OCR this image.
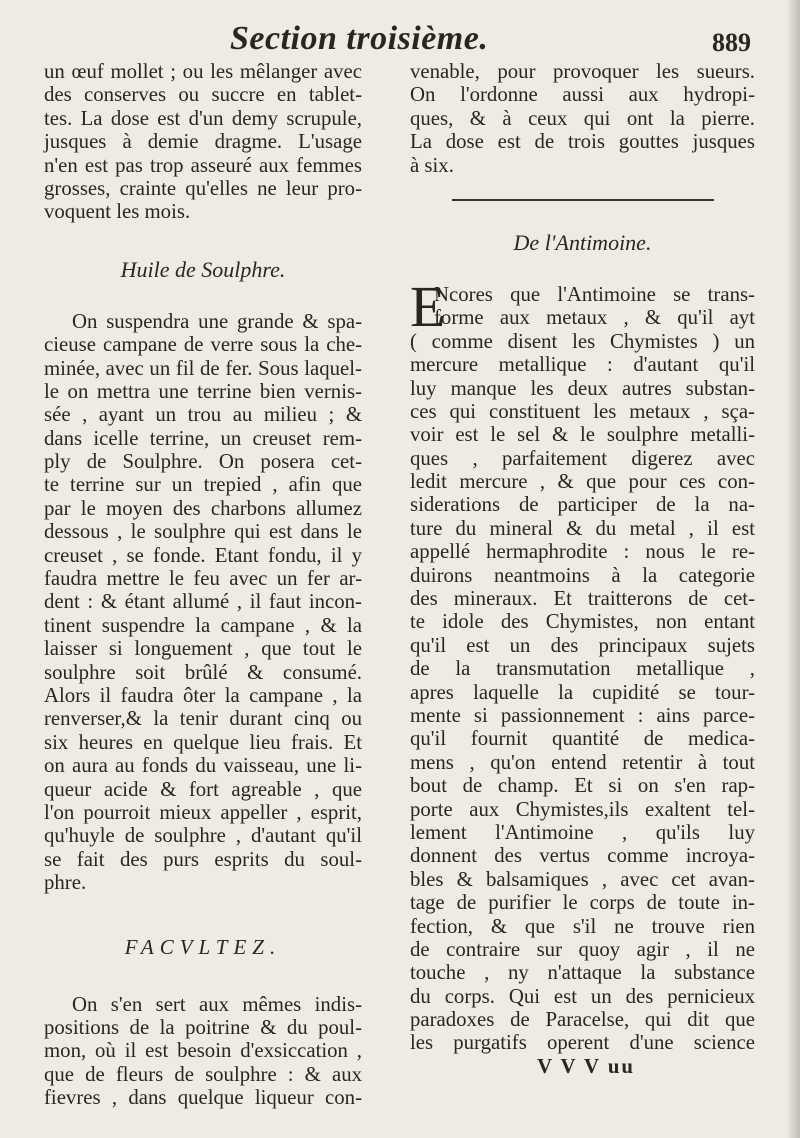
Section troisième.	889
un œuf mollet ; ou les mêlanger avec
des conserves ou succre en tablet-
tes. La dose est d'un demy scrupule,
jusques à demie dragme. L'usage
n'en est pas trop asseuré aux femmes
grosses, crainte qu'elles ne leur pro-
voquent les mois.
Huile de Soulphre.
On suspendra une grande & spa-
cieuse campane de verre sous la che-
minée, avec un fil de fer. Sous laquel-
le on mettra une terrine bien vernis-
sée , ayant un trou au milieu ; &
dans icelle terrine, un creuset rem-
ply de Soulphre. On posera cet-
te terrine sur un trepied , afin que
par le moyen des charbons allumez
dessous , le soulphre qui est dans le
creuset , se fonde. Etant fondu, il y
faudra mettre le feu avec un fer ar-
dent : & étant allumé , il faut incon-
tinent suspendre la campane , & la
laisser si longuement , que tout le
soulphre soit brûlé & consumé.
Alors il faudra ôter la campane , la
renverser,& la tenir durant cinq ou
six heures en quelque lieu frais. Et
on aura au fonds du vaisseau, une li-
queur acide & fort agreable , que
l'on pourroit mieux appeller , esprit,
qu'huyle de soulphre , d'autant qu'il
se fait des purs esprits du soul-
phre.
FACVLTEZ.
On s'en sert aux mêmes indis-
positions de la poitrine & du poul-
mon, où il est besoin d'exsiccation ,
que de fleurs de soulphre : & aux
fievres , dans quelque liqueur con-
venable, pour provoquer les sueurs.
On l'ordonne aussi aux hydropi-
ques, & à ceux qui ont la pierre.
La dose est de trois gouttes jusques
à six.
De l'Antimoine.
E
Ncores que l'Antimoine se trans-
forme aux metaux , & qu'il ayt
( comme disent les Chymistes ) un
mercure metallique : d'autant qu'il
luy manque les deux autres substan-
ces qui constituent les metaux , sça-
voir est le sel & le soulphre metalli-
ques , parfaitement digerez avec
ledit mercure , & que pour ces con-
siderations de participer de la na-
ture du mineral & du metal , il est
appellé hermaphrodite : nous le re-
duirons neantmoins à la categorie
des mineraux. Et traitterons de cet-
te idole des Chymistes, non entant
qu'il est un des principaux sujets
de la transmutation metallique ,
apres laquelle la cupidité se tour-
mente si passionnement : ains parce-
qu'il fournit quantité de medica-
mens , qu'on entend retentir à tout
bout de champ. Et si on s'en rap-
porte aux Chymistes,ils exaltent tel-
lement l'Antimoine , qu'ils luy
donnent des vertus comme incroya-
bles & balsamiques , avec cet avan-
tage de purifier le corps de toute in-
fection, & que s'il ne trouve rien
de contraire sur quoy agir , il ne
touche , ny n'attaque la substance
du corps. Qui est un des pernicieux
paradoxes de Paracelse, qui dit que
les purgatifs operent d'une science
V V V uu
